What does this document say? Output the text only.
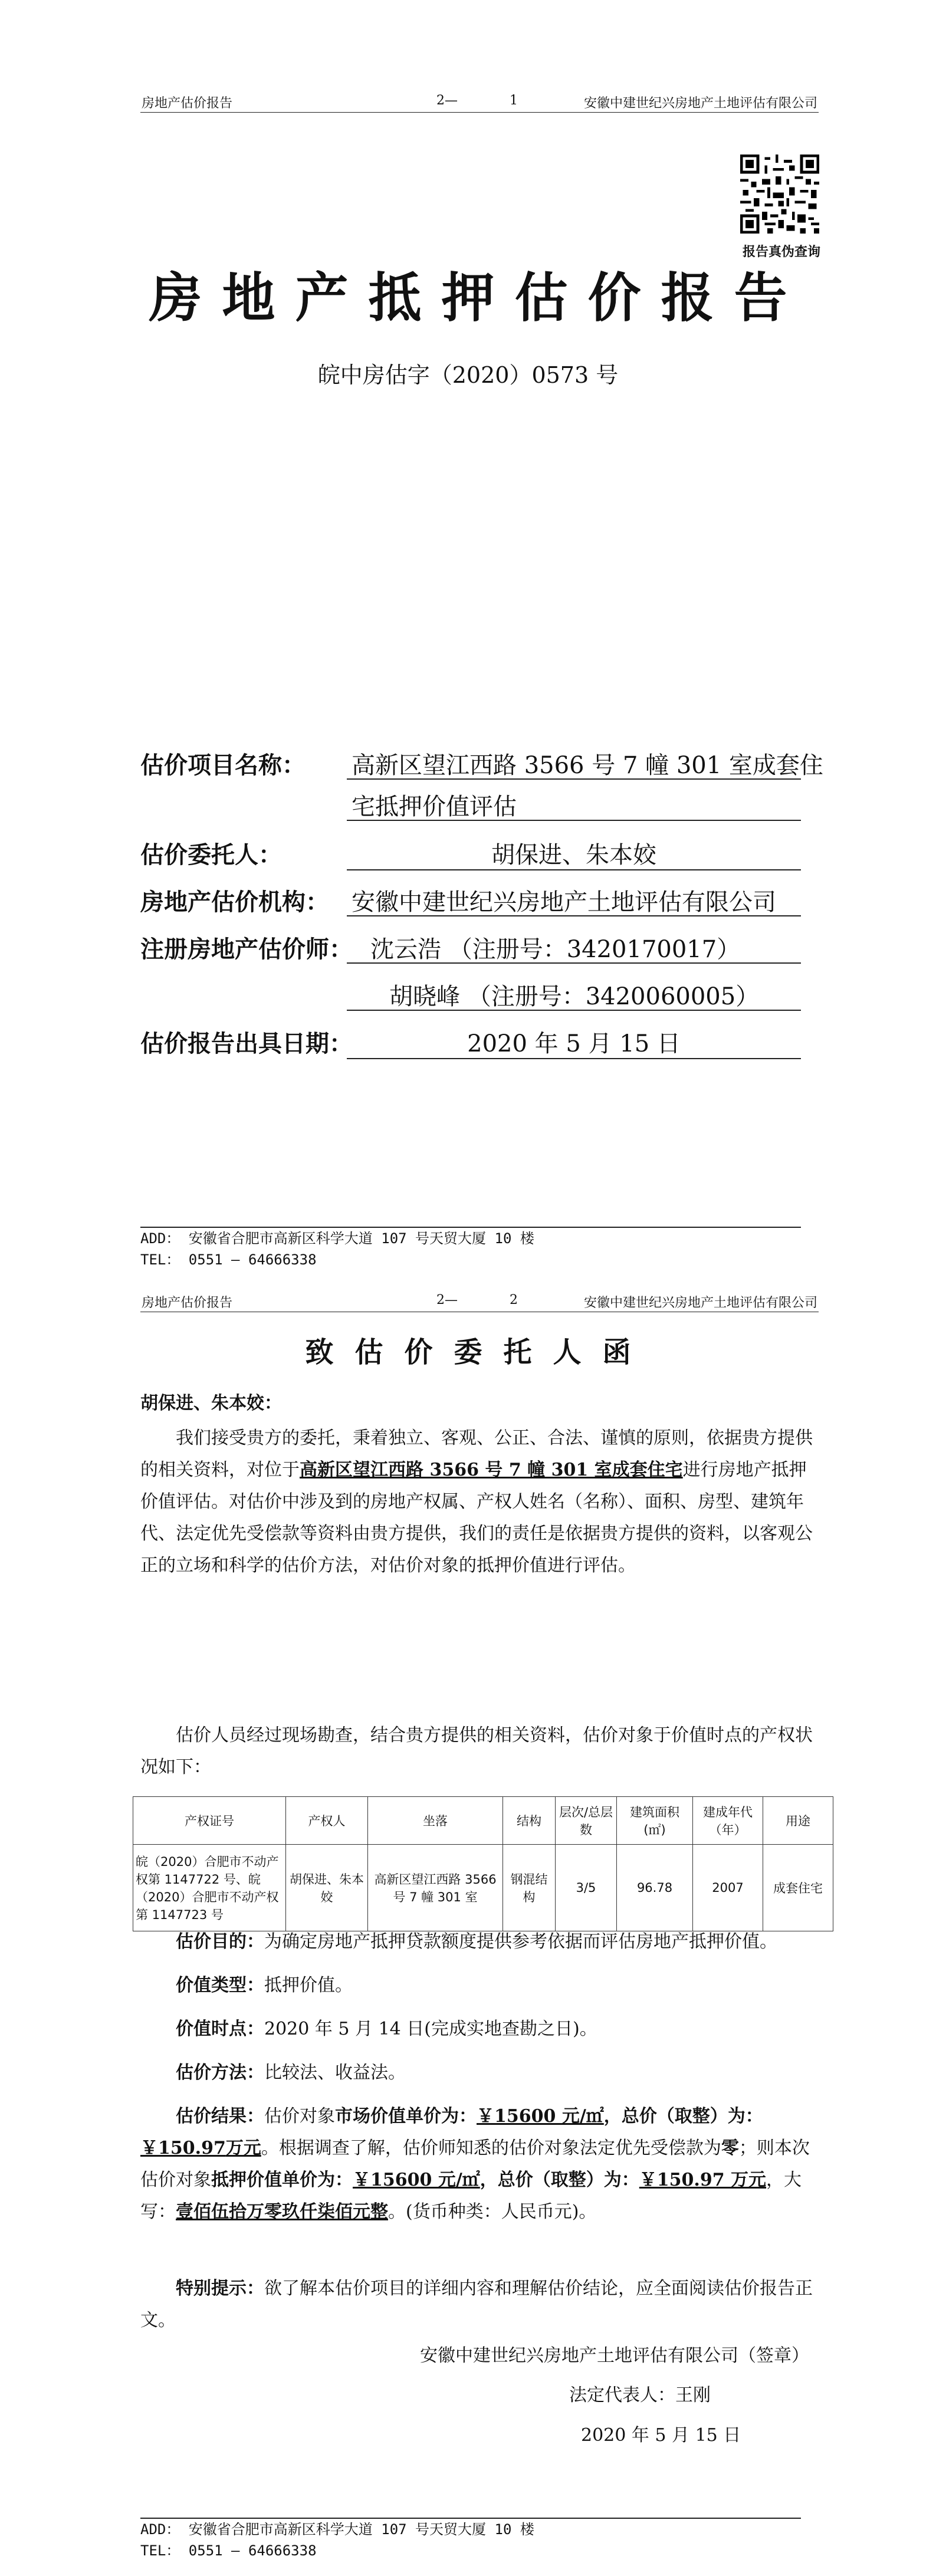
房地产估价报告	2—	1	安徽中建世纪兴房地产土地评估有限公司
报告真伪查询
房地产抵押估价报告
皖中房估字（2020）0573 号
估价项目名称：	高新区望江西路 3566 号 7 幢 301 室成套住
宅抵押价值评估
估价委托人：	胡保进、朱本姣
房地产估价机构： 安徽中建世纪兴房地产土地评估有限公司
注册房地产估价师： 沈云浩 （注册号：3420170017）
胡晓峰 （注册号：3420060005）
估价报告出具日期：	2020 年 5 月 15 日
ADD： 安徽省合肥市高新区科学大道 107 号天贸大厦 10 楼
TEL： 0551 — 64666338
房地产估价报告	2—	2	安徽中建世纪兴房地产土地评估有限公司
致估价委托人函
胡保进、朱本姣：
我们接受贵方的委托，秉着独立、客观、公正、合法、谨慎的原则，依据贵方提供的相关资料，对位于高新区望江西路 3566 号 7 幢 301 室成套住宅进行房地产抵押价值评估。对估价中涉及到的房地产权属、产权人姓名（名称）、面积、房型、建筑年代、法定优先受偿款等资料由贵方提供，我们的责任是依据贵方提供的资料，以客观公正的立场和科学的估价方法，对估价对象的抵押价值进行评估。
估价人员经过现场勘查，结合贵方提供的相关资料，估价对象于价值时点的产权状况如下：
产权证号	产权人	坐落	结构	层次/总层数	建筑面积(㎡)	建成年代（年）	用途
皖（2020）合肥市不动产权第 1147722 号、皖（2020）合肥市不动产权第 1147723 号	胡保进、朱本姣	高新区望江西路 3566 号 7 幢 301 室	钢混结构	3/5	96.78	2007	成套住宅
估价目的：为确定房地产抵押贷款额度提供参考依据而评估房地产抵押价值。
价值类型：抵押价值。
价值时点：2020 年 5 月 14 日(完成实地查勘之日)。
估价方法：比较法、收益法。
估价结果：估价对象市场价值单价为：￥15600 元/㎡，总价（取整）为：￥150.97万元。根据调查了解，估价师知悉的估价对象法定优先受偿款为零；则本次估价对象抵押价值单价为：￥15600 元/㎡，总价（取整）为：￥150.97 万元，大写：壹佰伍拾万零玖仟柒佰元整。(货币种类：人民币元)。
特别提示：欲了解本估价项目的详细内容和理解估价结论，应全面阅读估价报告正文。
安徽中建世纪兴房地产土地评估有限公司（签章）
法定代表人：王刚
2020 年 5 月 15 日
ADD： 安徽省合肥市高新区科学大道 107 号天贸大厦 10 楼
TEL： 0551 — 64666338
